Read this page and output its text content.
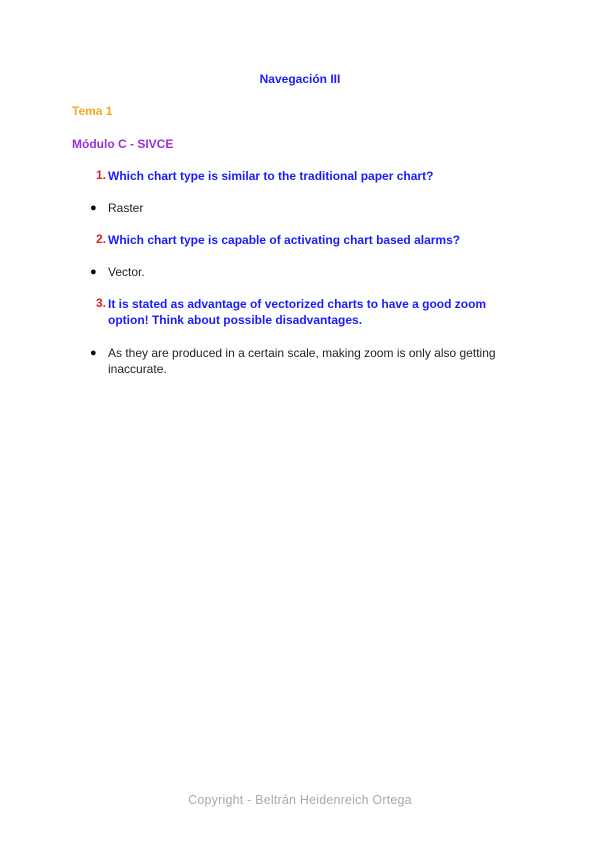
Navegación III
Tema 1
Módulo C - SIVCE
1. Which chart type is similar to the traditional paper chart?
● Raster
2. Which chart type is capable of activating chart based alarms?
● Vector.
3. It is stated as advantage of vectorized charts to have a good zoom option! Think about possible disadvantages.
● As they are produced in a certain scale, making zoom is only also getting inaccurate.
Copyright - Beltrán Heidenreich Ortega
